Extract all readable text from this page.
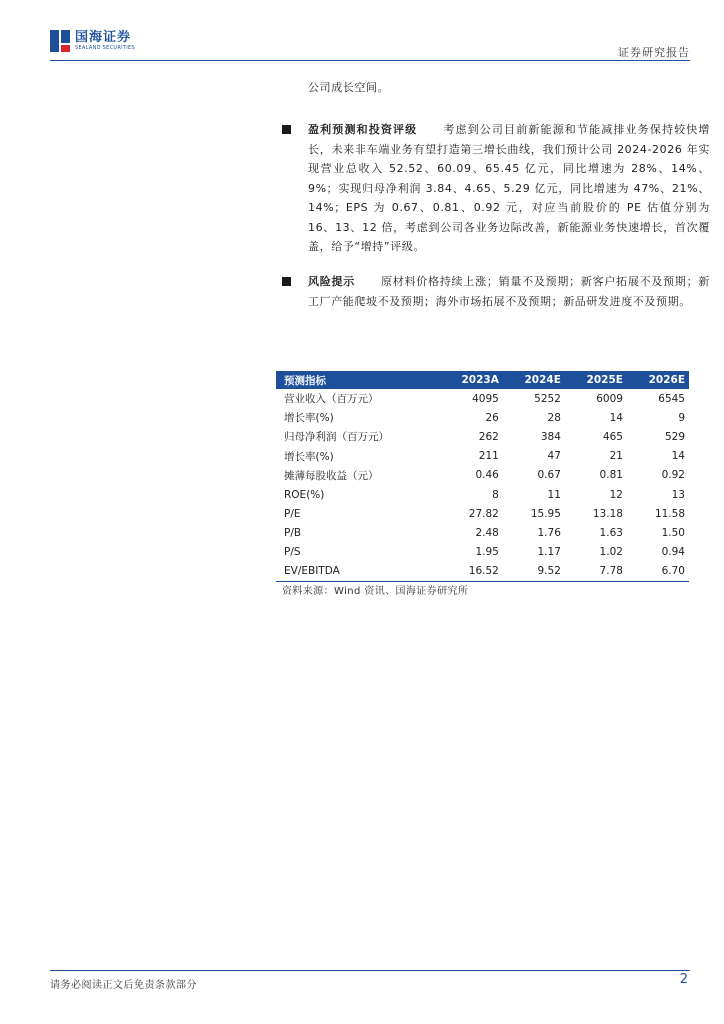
国海证券
SEALAND SECURITIES	证券研究报告
公司成长空间。
盈利预测和投资评级 考虑到公司目前新能源和节能减排业务保持较快增长，未来非车端业务有望打造第三增长曲线，我们预计公司 2024-2026 年实现营业总收入 52.52、60.09、65.45 亿元，同比增速为 28%、14%、9%；实现归母净利润 3.84、4.65、5.29 亿元，同比增速为 47%、21%、14%；EPS 为 0.67、0.81、0.92 元，对应当前股价的 PE 估值分别为 16、13、12 倍，考虑到公司各业务边际改善，新能源业务快速增长，首次覆盖，给予“增持”评级。
风险提示 原材料价格持续上涨；销量不及预期；新客户拓展不及预期；新工厂产能爬坡不及预期；海外市场拓展不及预期；新品研发进度不及预期。
预测指标	2023A	2024E	2025E	2026E
营业收入（百万元）	4095	5252	6009	6545
增长率(%)	26	28	14	9
归母净利润（百万元）	262	384	465	529
增长率(%)	211	47	21	14
摊薄每股收益（元）	0.46	0.67	0.81	0.92
ROE(%)	8	11	12	13
P/E	27.82	15.95	13.18	11.58
P/B	2.48	1.76	1.63	1.50
P/S	1.95	1.17	1.02	0.94
EV/EBITDA	16.52	9.52	7.78	6.70
资料来源：Wind 资讯、国海证券研究所
请务必阅读正文后免责条款部分	2
